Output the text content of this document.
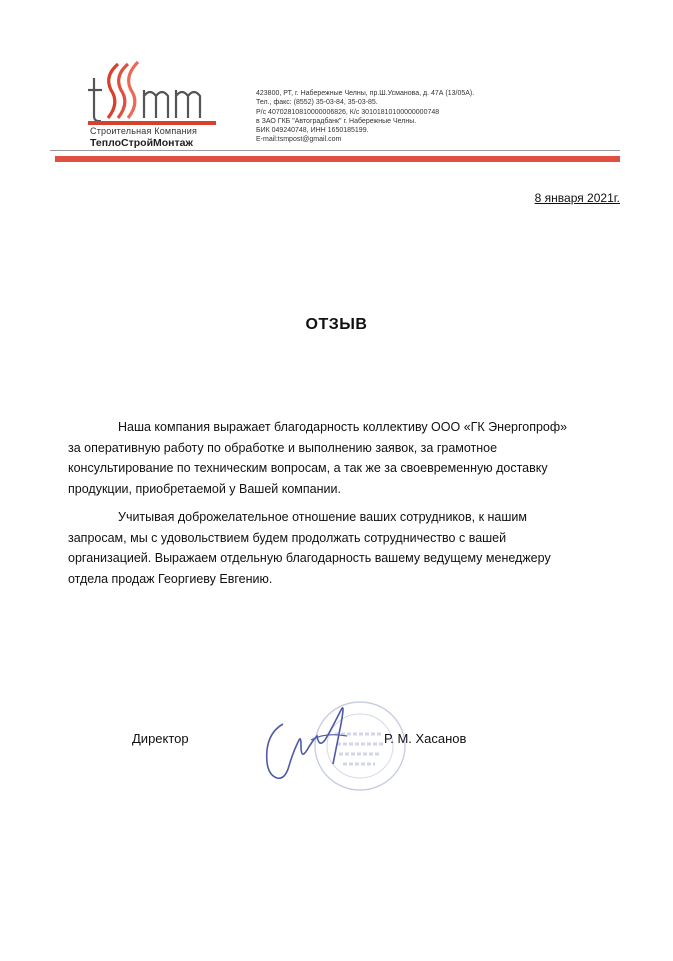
Строительная Компания
ТеплоСтройМонтаж
423800, РТ, г. Набережные Челны, пр.Ш.Усманова, д. 47А (13/05А).
Тел., факс: (8552) 35-03-84, 35-03-85.
Р/с 40702810810000006826, К/с 30101810100000000748
в ЗАО ГКБ "Автоградбанк" г. Набережные Челны.
БИК 049240748, ИНН 1650185199.
E-mail:tsmpost@gmail.com
8 января 2021г.
ОТЗЫВ
Наша компания выражает благодарность коллективу ООО «ГК Энергопроф»
за оперативную работу по обработке и выполнению заявок, за грамотное
консультирование по техническим вопросам, а так же за своевременную доставку
продукции, приобретаемой у Вашей компании.
Учитывая доброжелательное отношение ваших сотрудников, к нашим
запросам, мы с удовольствием будем продолжать сотрудничество с вашей
организацией. Выражаем отдельную благодарность вашему ведущему менеджеру
отдела продаж Георгиеву Евгению.
Директор	Р. М. Хасанов
